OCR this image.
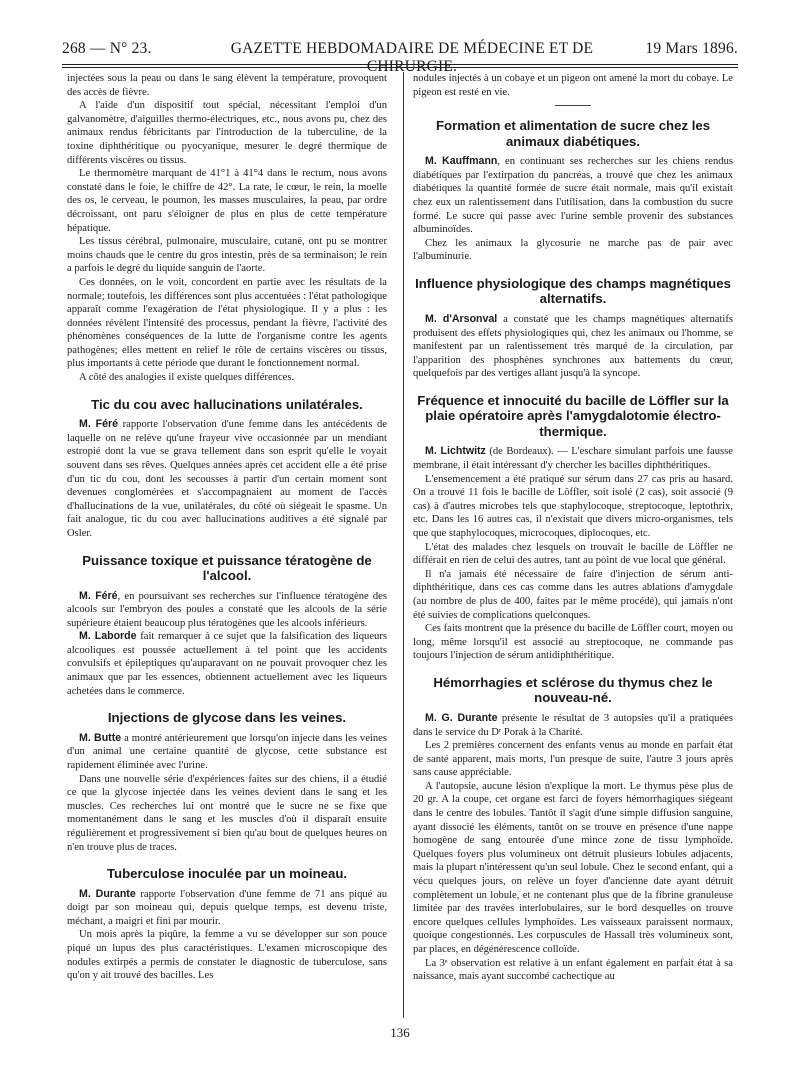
268 — N° 23.	GAZETTE HEBDOMADAIRE DE MÉDECINE ET DE CHIRURGIE.
19 Mars 1896.

injectées sous la peau ou dans le sang élèvent la température, provoquent des accès de fièvre.

A l'aide d'un dispositif tout spécial, nécessitant l'emploi d'un galvanomètre, d'aiguilles thermo-électriques, etc., nous avons pu, chez des animaux rendus fébricitants par l'introduction de la tuberculine, de la toxine diphthéritique ou pyocyanique, mesurer le degré thermique de différents viscères ou tissus.

Le thermomètre marquant de 41°1 à 41°4 dans le rectum, nous avons constaté dans le foie, le chiffre de 42°. La rate, le cœur, le rein, la moelle des os, le cerveau, le poumon, les masses musculaires, la peau, par ordre décroissant, ont paru s'éloigner de plus en plus de cette température hépatique.

Les tissus cérébral, pulmonaire, musculaire, cutané, ont pu se montrer moins chauds que le centre du gros intestin, près de sa terminaison; le rein a parfois le degré du liquide sanguin de l'aorte.

Ces données, on le voit, concordent en partie avec les résultats de la normale; toutefois, les différences sont plus accentuées : l'état pathologique apparaît comme l'exagération de l'état physiologique. Il y a plus : les données révèlent l'intensité des processus, pendant la fièvre, l'activité des phénomènes conséquences de la lutte de l'organisme contre les agents pathogènes; elles mettent en relief le rôle de certains viscères ou tissus, plus importants à cette période que durant le fonctionnement normal.

A côté des analogies il existe quelques différences.

Tic du cou avec hallucinations unilatérales.

M. Féré rapporte l'observation d'une femme dans les antécédents de laquelle on ne relève qu'une frayeur vive occasionnée par un mendiant estropié dont la vue se grava tellement dans son esprit qu'elle le voyait souvent dans ses rêves. Quelques années après cet accident elle a été prise d'un tic du cou, dont les secousses à partir d'un certain moment sont devenues conglomérées et s'accompagnaient au moment de l'accès d'hallucinations de la vue, unilatérales, du côté où siégeait le spasme. Un fait analogue, tic du cou avec hallucinations auditives a été signalé par Osler.

Puissance toxique et puissance tératogène de l'alcool.

M. Féré, en poursuivant ses recherches sur l'influence tératogène des alcools sur l'embryon des poules a constaté que les alcools de la série supérieure étaient beaucoup plus tératogènes que les alcools inférieurs.

M. Laborde fait remarquer à ce sujet que la falsification des liqueurs alcooliques est poussée actuellement à tel point que les accidents convulsifs et épileptiques qu'auparavant on ne pouvait provoquer chez les animaux que par les essences, obtiennent actuellement avec les liqueurs achetées dans le commerce.

Injections de glycose dans les veines.

M. Butte a montré antérieurement que lorsqu'on injecte dans les veines d'un animal une certaine quantité de glycose, cette substance est rapidement éliminée avec l'urine.

Dans une nouvelle série d'expériences faites sur des chiens, il a étudié ce que la glycose injectée dans les veines devient dans le sang et les muscles. Ces recherches lui ont montré que le sucre ne se fixe que momentanément dans le sang et les muscles d'où il disparaît ensuite régulièrement et progressivement si bien qu'au bout de quelques heures on n'en trouve plus de traces.

Tuberculose inoculée par un moineau.

M. Durante rapporte l'observation d'une femme de 71 ans piqué au doigt par son moineau qui, depuis quelque temps, est devenu triste, méchant, a maigri et fini par mourir.

Un mois après la piqûre, la femme a vu se développer sur son pouce piqué un lupus des plus caractéristiques. L'examen microscopique des nodules extirpés a permis de constater le diagnostic de tuberculose, sans qu'on y ait trouvé des bacilles. Les

nodules injectés à un cobaye et un pigeon ont amené la mort du cobaye. Le pigeon est resté en vie.

Formation et alimentation de sucre chez les animaux diabétiques.

M. Kauffmann, en continuant ses recherches sur les chiens rendus diabétiques par l'extirpation du pancréas, a trouvé que chez les animaux diabétiques la quantité formée de sucre était normale, mais qu'il existait chez eux un ralentissement dans l'utilisation, dans la combustion du sucre formé. Le sucre qui passe avec l'urine semble provenir des substances albuminoïdes.

Chez les animaux la glycosurie ne marche pas de pair avec l'albuminurie.

Influence physiologique des champs magnétiques alternatifs.

M. d'Arsonval a constaté que les champs magnétiques alternatifs produisent des effets physiologiques qui, chez les animaux ou l'homme, se manifestent par un ralentissement très marqué de la circulation, par l'apparition des phosphènes synchrones aux battements du cœur, quelquefois par des vertiges allant jusqu'à la syncope.

Fréquence et innocuité du bacille de Löffler sur la plaie opératoire après l'amygdalotomie électro-thermique.

M. Lichtwitz (de Bordeaux). — L'eschare simulant parfois une fausse membrane, il était intéressant d'y chercher les bacilles diphthéritiques.

L'ensemencement a été pratiqué sur sérum dans 27 cas pris au hasard. On a trouvé 11 fois le bacille de Löffler, soit isolé (2 cas), soit associé (9 cas) à d'autres microbes tels que staphylocoque, streptocoque, leptothrix, etc. Dans les 16 autres cas, il n'existait que divers micro-organismes, tels que que staphylocoques, microcoques, diplocoques, etc.

L'état des malades chez lesquels on trouvait le bacille de Löffler ne différait en rien de celui des autres, tant au point de vue local que général.

Il n'a jamais été nécessaire de faire d'injection de sérum anti-diphthéritique, dans ces cas comme dans les autres ablations d'amygdale (au nombre de plus de 400, faites par le même procédé), qui jamais n'ont été suivies de complications quelconques.

Ces faits montrent que la présence du bacille de Löffler court, moyen ou long, même lorsqu'il est associé au streptocoque, ne commande pas toujours l'injection de sérum antidiphthéritique.

Hémorrhagies et sclérose du thymus chez le nouveau-né.

M. G. Durante présente le résultat de 3 autopsies qu'il a pratiquées dans le service du Dʳ Porak à la Charité.

Les 2 premières concernent des enfants venus au monde en parfait état de santé apparent, mais morts, l'un presque de suite, l'autre 3 jours après sans cause appréciable.

A l'autopsie, aucune lésion n'explique la mort. Le thymus pèse plus de 20 gr. A la coupe, cet organe est farci de foyers hémorrhagiques siégeant dans le centre des lobules. Tantôt il s'agit d'une simple diffusion sanguine, ayant dissocié les éléments, tantôt on se trouve en présence d'une nappe homogène de sang entourée d'une mince zone de tissu lymphoïde. Quelques foyers plus volumineux ont détruit plusieurs lobules adjacents, mais la plupart n'intéressent qu'un seul lobule. Chez le second enfant, qui a vécu quelques jours, on relève un foyer d'ancienne date ayant détruit complètement un lobule, et ne contenant plus que de la fibrine granuleuse limitée par des travées interlobulaires, sur le bord desquelles on trouve encore quelques cellules lymphoïdes. Les vaisseaux paraissent normaux, quoique congestionnés. Les corpuscules de Hassall très volumineux sont, par places, en dégénérescence colloïde.

La 3ᵉ observation est relative à un enfant également en parfait état à sa naissance, mais ayant succombé cachectique au

136
